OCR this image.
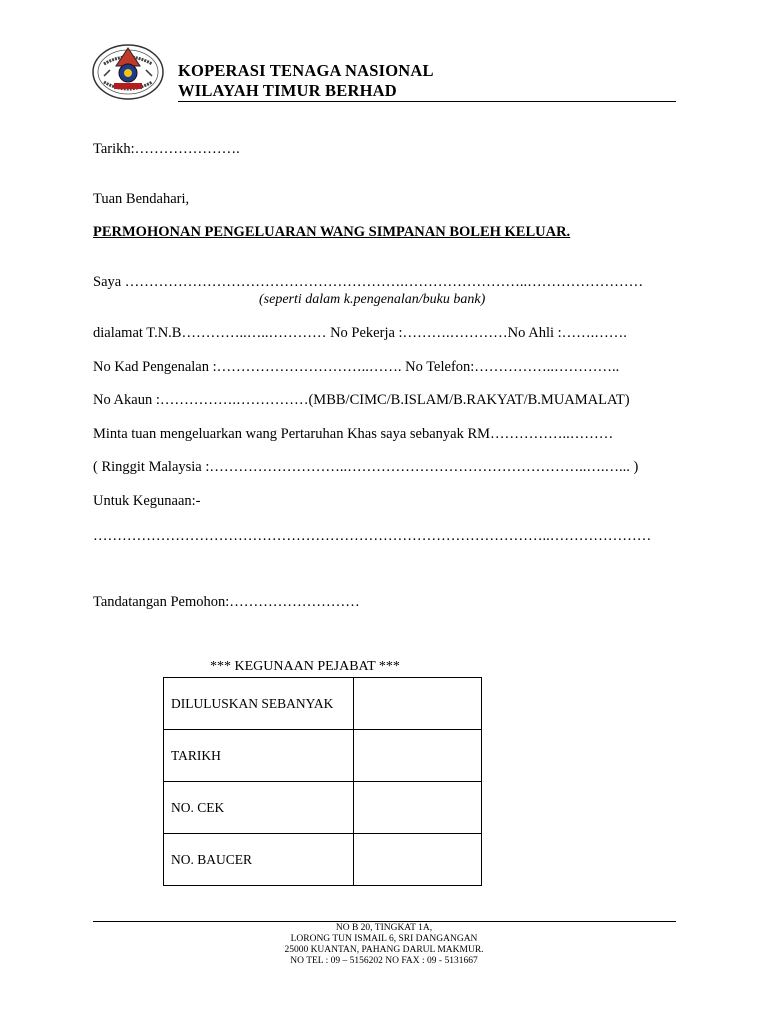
KOPERASI TENAGA NASIONAL
WILAYAH TIMUR BERHAD
Tarikh:………………….
Tuan Bendahari,
PERMOHONAN PENGELUARAN WANG SIMPANAN BOLEH KELUAR.
Saya ………………………………………………….……………………..……………………
(seperti dalam k.pengenalan/buku bank)
dialamat T.N.B…………..…..………… No Pekerja :……….…………No Ahli :…….…….
No Kad Pengenalan :…………………………..……. No Telefon:……………..…………..
No Akaun :…………….……………(MBB/CIMC/B.ISLAM/B.RAKYAT/B.MUAMALAT)
Minta tuan mengeluarkan wang Pertaruhan Khas saya sebanyak RM……………..………
( Ringgit Malaysia :………………………..…………………………………………..….…... )
Untuk Kegunaan:-
…………………………………………………………………………………..…………………
Tandatangan Pemohon:………………………
*** KEGUNAAN PEJABAT ***
DILULUSKAN SEBANYAK	
TARIKH	
NO. CEK	
NO. BAUCER	
NO B 20, TINGKAT 1A,
LORONG TUN ISMAIL 6, SRI DANGANGAN
25000 KUANTAN, PAHANG DARUL MAKMUR.
NO TEL : 09 – 5156202 NO FAX : 09 - 5131667
